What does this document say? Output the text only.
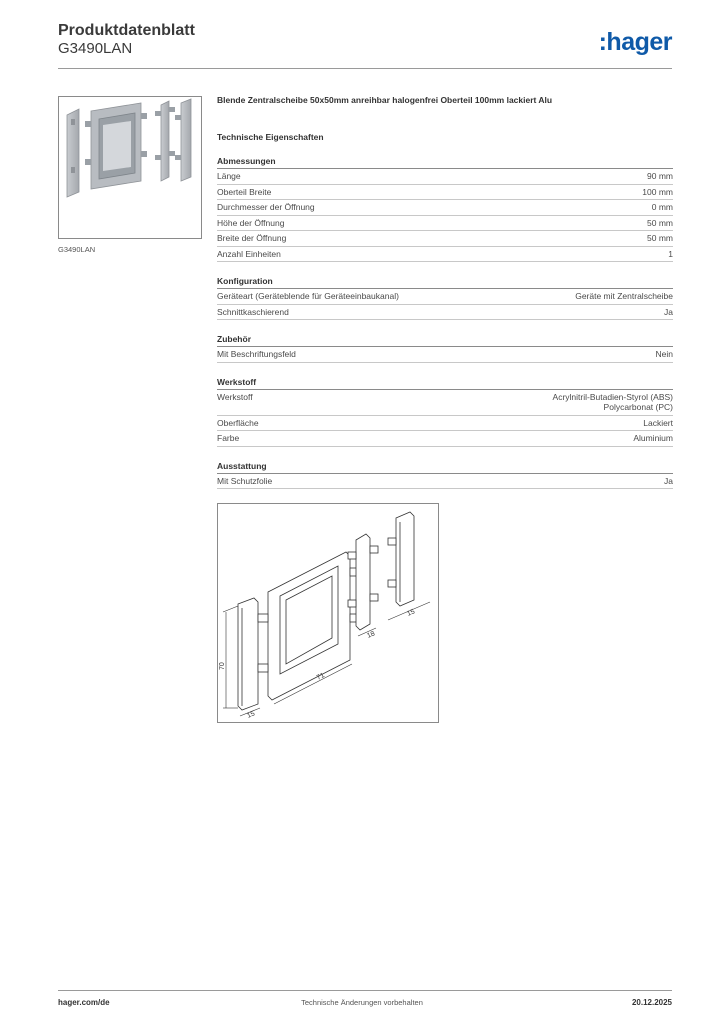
Produktdatenblatt
G3490LAN	:hager
G3490LAN

Blende Zentralscheibe 50x50mm anreihbar halogenfrei Oberteil 100mm lackiert Alu

Technische Eigenschaften

Abmessungen
Länge	90 mm
Oberteil Breite	100 mm
Durchmesser der Öffnung	0 mm
Höhe der Öffnung	50 mm
Breite der Öffnung	50 mm
Anzahl Einheiten	1
Konfiguration
Geräteart (Geräteblende für Geräteeinbaukanal)	Geräte mit Zentralscheibe
Schnittkaschierend	Ja
Zubehör
Mit Beschriftungsfeld	Nein
Werkstoff
Werkstoff	Acrylnitril-Butadien-Styrol (ABS)
Polycarbonat (PC)
Oberfläche	Lackiert
Farbe	Aluminium
Ausstattung
Mit Schutzfolie	Ja
70
15
71
18
15
hager.com/de	Technische Änderungen vorbehalten	20.12.2025
